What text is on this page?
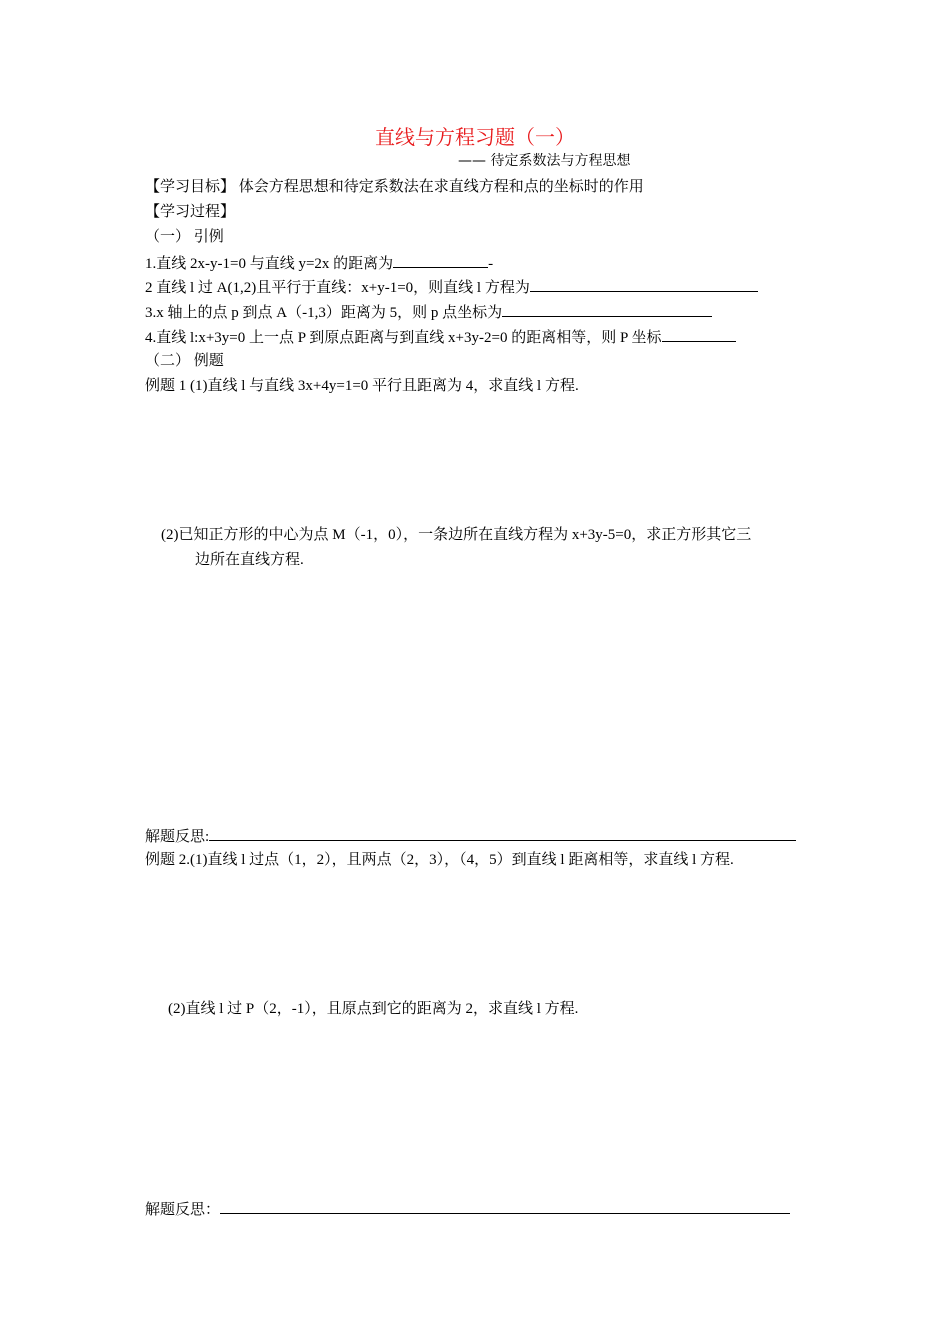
直线与方程习题（一）
—— 待定系数法与方程思想
【学习目标】 体会方程思想和待定系数法在求直线方程和点的坐标时的作用
【学习过程】
（一） 引例
1.直线 2x-y-1=0 与直线 y=2x 的距离为	-
2 直线 l 过 A(1,2)且平行于直线：x+y-1=0，则直线 l 方程为
3.x 轴上的点 p 到点 A（-1,3）距离为 5，则 p 点坐标为
4.直线 l:x+3y=0 上一点 P 到原点距离与到直线 x+3y-2=0 的距离相等，则 P 坐标
（二） 例题
例题 1 (1)直线 l 与直线 3x+4y=1=0 平行且距离为 4，求直线 l 方程.
(2)已知正方形的中心为点 M（-1，0），一条边所在直线方程为 x+3y-5=0，求正方形其它三
边所在直线方程.
解题反思:
例题 2.(1)直线 l 过点（1，2），且两点（2，3），（4，5）到直线 l 距离相等，求直线 l 方程.
(2)直线 l 过 P（2，-1），且原点到它的距离为 2，求直线 l 方程.
解题反思：
